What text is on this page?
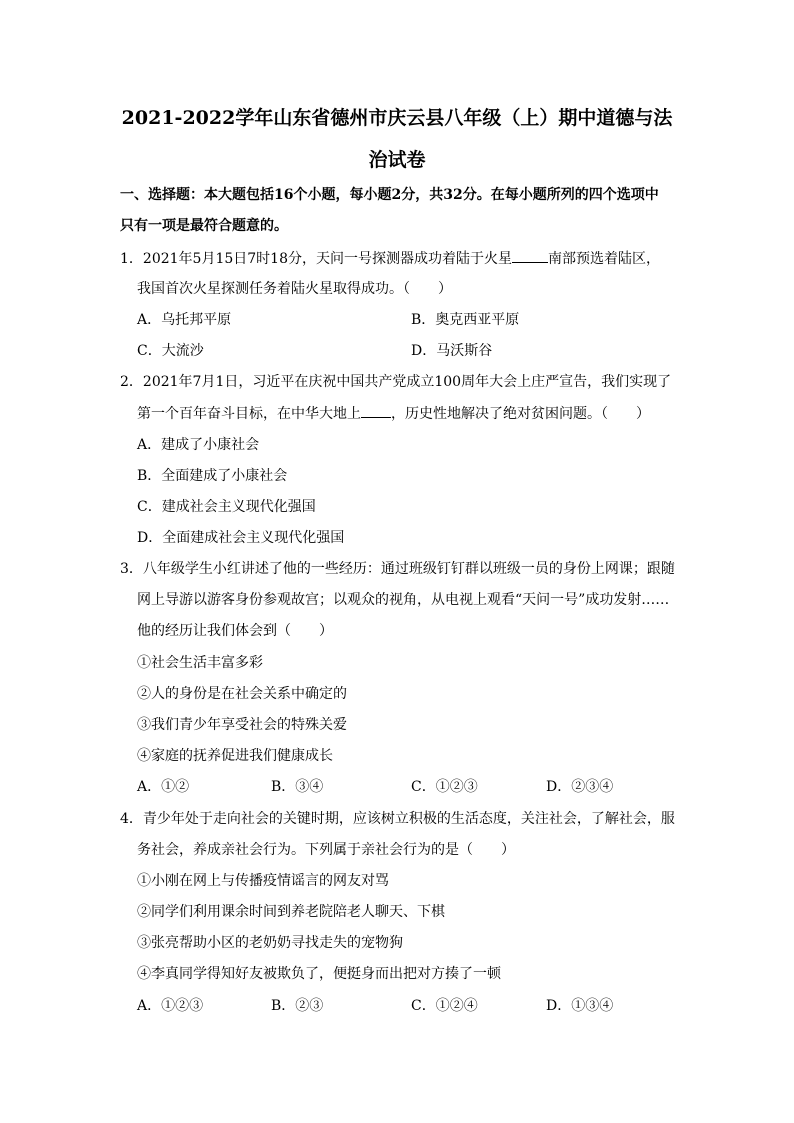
2021-2022学年山东省德州市庆云县八年级（上）期中道德与法
治试卷
一、选择题：本大题包括16个小题，每小题2分，共32分。在每小题所列的四个选项中
只有一项是最符合题意的。
1．2021年5月15日7时18分，天问一号探测器成功着陆于火星	南部预选着陆区，
我国首次火星探测任务着陆火星取得成功。（　　）
A．乌托邦平原	B．奥克西亚平原
C．大流沙	D．马沃斯谷
2．2021年7月1日，习近平在庆祝中国共产党成立100周年大会上庄严宣告，我们实现了
第一个百年奋斗目标，在中华大地上 ，历史性地解决了绝对贫困问题。（　　）
A．建成了小康社会
B．全面建成了小康社会
C．建成社会主义现代化强国
D．全面建成社会主义现代化强国
3．八年级学生小红讲述了他的一些经历：通过班级钉钉群以班级一员的身份上网课；跟随
网上导游以游客身份参观故宫；以观众的视角，从电视上观看“天问一号”成功发射……
他的经历让我们体会到（　　）
①社会生活丰富多彩
②人的身份是在社会关系中确定的
③我们青少年享受社会的特殊关爱
④家庭的抚养促进我们健康成长
A．①②	B．③④	C．①②③	D．②③④
4．青少年处于走向社会的关键时期，应该树立积极的生活态度，关注社会，了解社会，服
务社会，养成亲社会行为。下列属于亲社会行为的是（　　）
①小刚在网上与传播疫情谣言的网友对骂
②同学们利用课余时间到养老院陪老人聊天、下棋
③张亮帮助小区的老奶奶寻找走失的宠物狗
④李真同学得知好友被欺负了，便挺身而出把对方揍了一顿
A．①②③	B．②③	C．①②④	D．①③④
